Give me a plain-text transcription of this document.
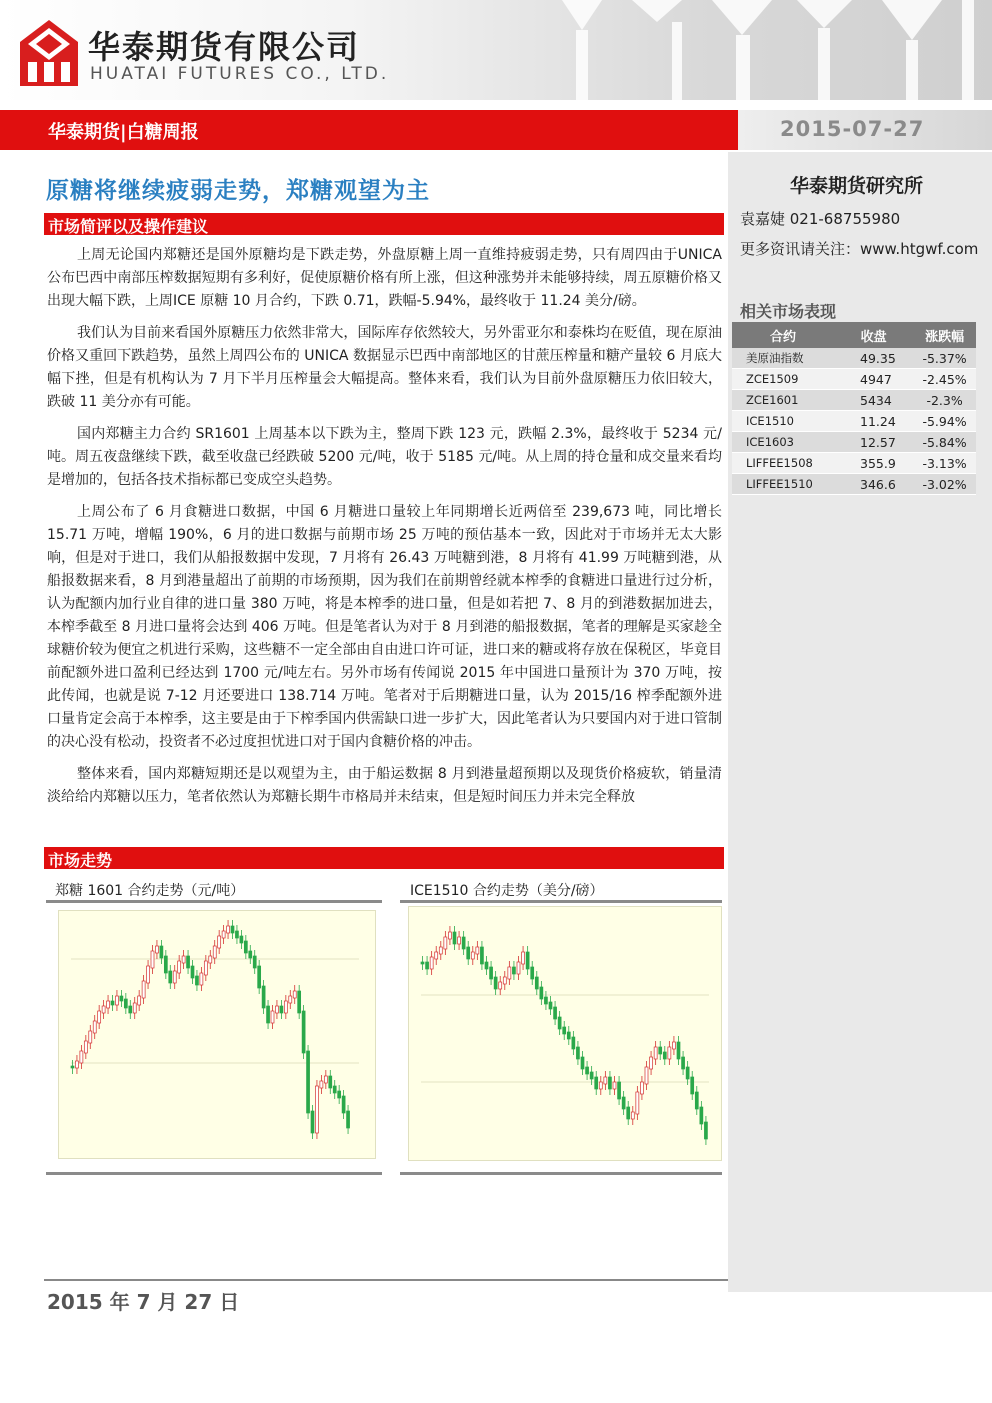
华泰期货有限公司
HUATAI FUTURES CO., LTD.
华泰期货|白糖周报	2015-07-27
华泰期货研究所
袁嘉婕 021-68755980
更多资讯请关注：www.htgwf.com
相关市场表现
合约	收盘	涨跌幅
美原油指数	49.35	-5.37%
ZCE1509	4947	-2.45%
ZCE1601	5434	-2.3%
ICE1510	11.24	-5.94%
ICE1603	12.57	-5.84%
LIFFEE1508	355.9	-3.13%
LIFFEE1510	346.6	-3.02%
原糖将继续疲弱走势，郑糖观望为主
市场简评以及操作建议

上周无论国内郑糖还是国外原糖均是下跌走势，外盘原糖上周一直维持疲弱走势，只有周四由于UNICA 公布巴西中南部压榨数据短期有多利好，促使原糖价格有所上涨，但这种涨势并未能够持续，周五原糖价格又出现大幅下跌，上周ICE 原糖 10 月合约，下跌 0.71，跌幅-5.94%，最终收于 11.24 美分/磅。

我们认为目前来看国外原糖压力依然非常大，国际库存依然较大，另外雷亚尔和泰株均在贬值，现在原油价格又重回下跌趋势，虽然上周四公布的 UNICA 数据显示巴西中南部地区的甘蔗压榨量和糖产量较 6 月底大幅下挫，但是有机构认为 7 月下半月压榨量会大幅提高。整体来看，我们认为目前外盘原糖压力依旧较大，跌破 11 美分亦有可能。

国内郑糖主力合约 SR1601 上周基本以下跌为主，整周下跌 123 元，跌幅 2.3%，最终收于 5234 元/吨。周五夜盘继续下跌，截至收盘已经跌破 5200 元/吨，收于 5185 元/吨。从上周的持仓量和成交量来看均是增加的，包括各技术指标都已变成空头趋势。

上周公布了 6 月食糖进口数据，中国 6 月糖进口量较上年同期增长近两倍至 239,673 吨，同比增长 15.71 万吨，增幅 190%，6 月的进口数据与前期市场 25 万吨的预估基本一致，因此对于市场并无太大影响，但是对于进口，我们从船报数据中发现，7 月将有 26.43 万吨糖到港，8 月将有 41.99 万吨糖到港，从船报数据来看，8 月到港量超出了前期的市场预期，因为我们在前期曾经就本榨季的食糖进口量进行过分析，认为配额内加行业自律的进口量 380 万吨，将是本榨季的进口量，但是如若把 7、8 月的到港数据加进去，本榨季截至 8 月进口量将会达到 406 万吨。但是笔者认为对于 8 月到港的船报数据，笔者的理解是买家趁全球糖价较为便宜之机进行采购，这些糖不一定全部由自由进口许可证，进口来的糖或将存放在保税区，毕竟目前配额外进口盈利已经达到 1700 元/吨左右。另外市场有传闻说 2015 年中国进口量预计为 370 万吨，按此传闻，也就是说 7-12 月还要进口 138.714 万吨。笔者对于后期糖进口量，认为 2015/16 榨季配额外进口量肯定会高于本榨季，这主要是由于下榨季国内供需缺口进一步扩大，因此笔者认为只要国内对于进口管制的决心没有松动，投资者不必过度担忧进口对于国内食糖价格的冲击。

整体来看，国内郑糖短期还是以观望为主，由于船运数据 8 月到港量超预期以及现货价格疲软，销量清淡给给内郑糖以压力，笔者依然认为郑糖长期牛市格局并未结束，但是短时间压力并未完全释放

市场走势
郑糖 1601 合约走势（元/吨）	ICE1510 合约走势（美分/磅）
2015 年 7 月 27 日
